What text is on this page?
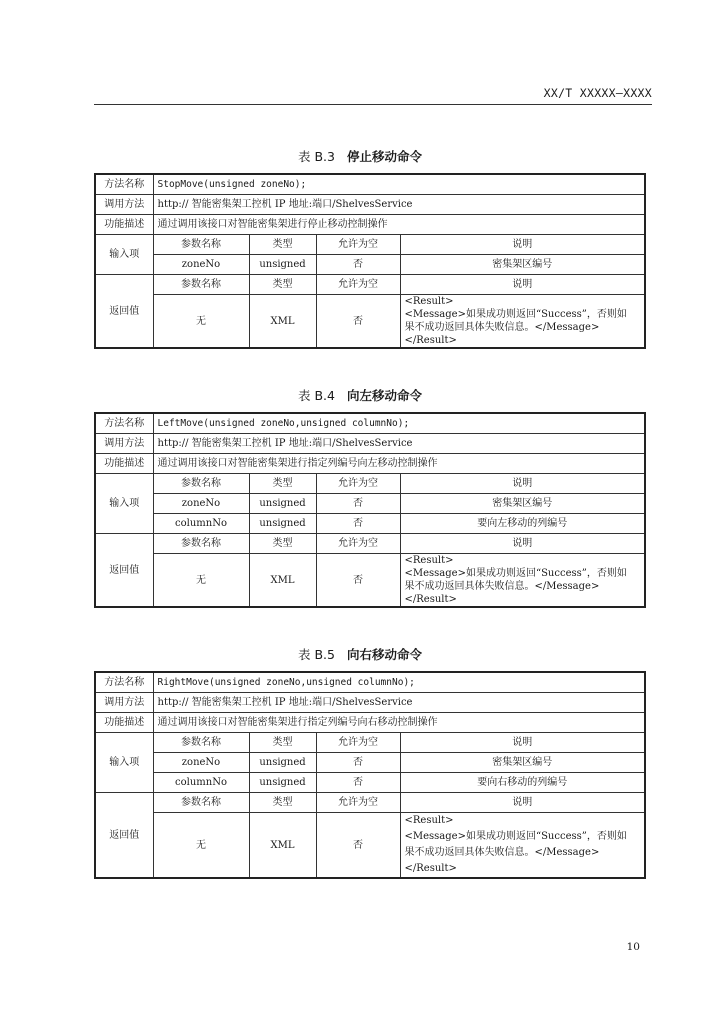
XX/T XXXXX—XXXX
表 B.3 停止移动命令
方法名称	StopMove(unsigned zoneNo);			
调用方法	http:// 智能密集架工控机 IP 地址:端口/ShelvesService			
功能描述	通过调用该接口对智能密集架进行停止移动控制操作			
输入项	参数名称	类型	允许为空	说明
	zoneNo	unsigned	否	密集架区编号
返回值	参数名称	类型	允许为空	说明
	无	XML	否	<Result>
<Message>如果成功则返回“Success”，否则如
果不成功返回具体失败信息。</Message>
</Result>
表 B.4 向左移动命令
方法名称	LeftMove(unsigned zoneNo,unsigned columnNo);			
调用方法	http:// 智能密集架工控机 IP 地址:端口/ShelvesService			
功能描述	通过调用该接口对智能密集架进行指定列编号向左移动控制操作			
输入项	参数名称	类型	允许为空	说明
	zoneNo	unsigned	否	密集架区编号
	columnNo	unsigned	否	要向左移动的列编号
返回值	参数名称	类型	允许为空	说明
	无	XML	否	<Result>
<Message>如果成功则返回“Success”，否则如
果不成功返回具体失败信息。</Message>
</Result>
表 B.5 向右移动命令
方法名称	RightMove(unsigned zoneNo,unsigned columnNo);			
调用方法	http:// 智能密集架工控机 IP 地址:端口/ShelvesService			
功能描述	通过调用该接口对智能密集架进行指定列编号向右移动控制操作			
输入项	参数名称	类型	允许为空	说明
	zoneNo	unsigned	否	密集架区编号
	columnNo	unsigned	否	要向右移动的列编号
返回值	参数名称	类型	允许为空	说明
	无	XML	否	<Result>
<Message>如果成功则返回“Success”，否则如
果不成功返回具体失败信息。</Message>
</Result>
10
